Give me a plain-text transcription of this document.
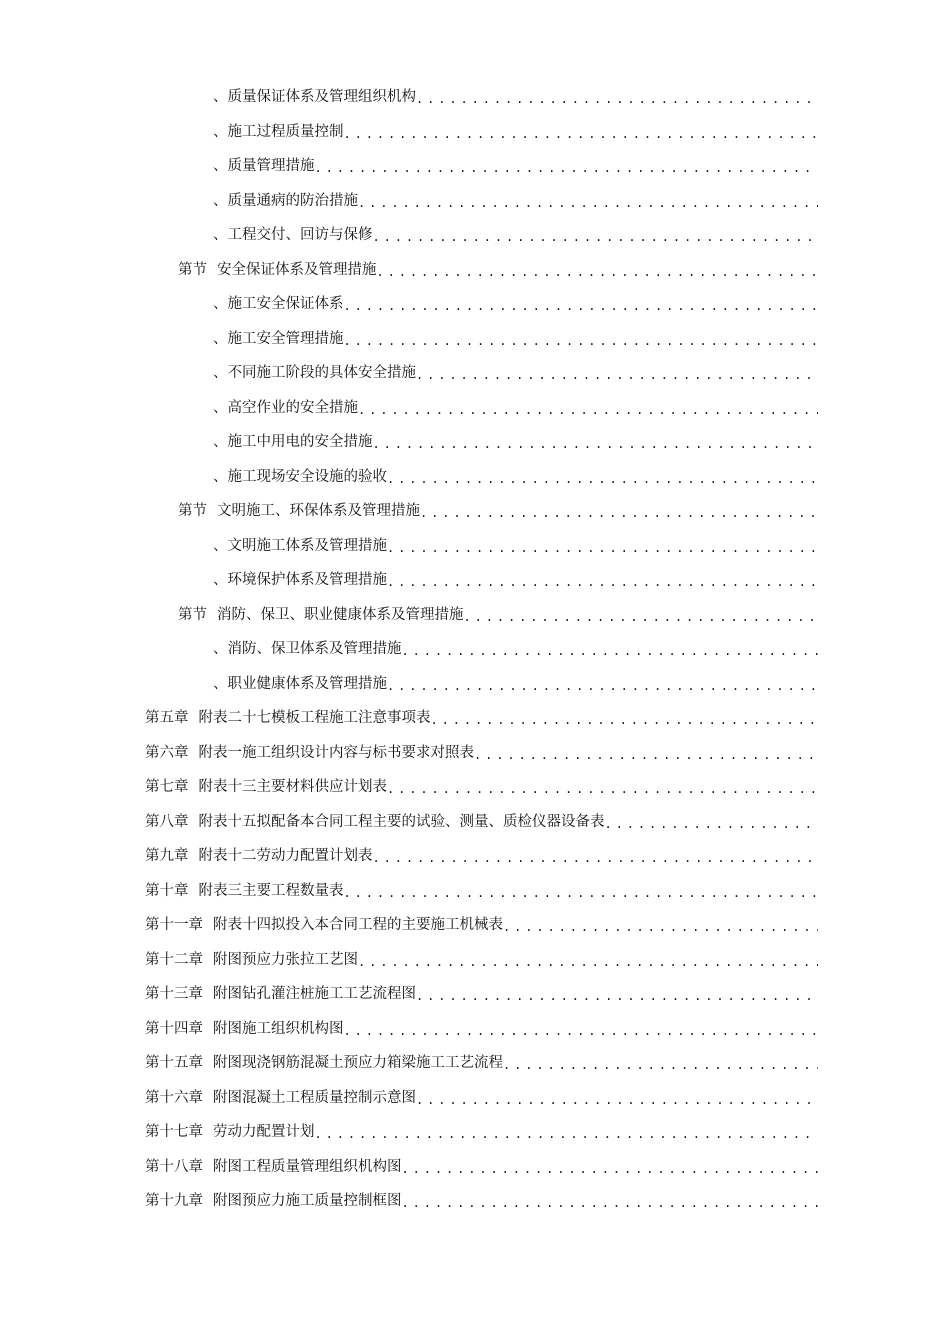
、 质量保证体系及管理组织机构
.....
、 施工过程质量控制
.....
、 质量管理措施
.....
、 质量通病的防治措施
.....
、 工程交付、回访与保修
.....
第节 安全保证体系及管理措施
.....
、 施工安全保证体系
.....
、 施工安全管理措施
.....
、 不同施工阶段的具体安全措施
.....
、 高空作业的安全措施
.....
、 施工中用电的安全措施
.....
、 施工现场安全设施的验收
.....
第节 文明施工、环保体系及管理措施
.....
、 文明施工体系及管理措施
.....
、 环境保护体系及管理措施
.....
第节 消防、保卫、职业健康体系及管理措施
.....
、 消防、保卫体系及管理措施
.....
、 职业健康体系及管理措施
.....
第五章 附表二十七模板工程施工注意事项表
.....
第六章 附表一施工组织设计内容与标书要求对照表
.....
第七章 附表十三主要材料供应计划表
.....
第八章 附表十五拟配备本合同工程主要的试验、测量、质检仪器设备表
.....
第九章 附表十二劳动力配置计划表
.....
第十章 附表三主要工程数量表
.....
第十一章 附表十四拟投入本合同工程的主要施工机械表
.....
第十二章 附图预应力张拉工艺图
.....
第十三章 附图钻孔灌注桩施工工艺流程图
.....
第十四章 附图施工组织机构图
.....
第十五章 附图现浇钢筋混凝土预应力箱梁施工工艺流程
.....
第十六章 附图混凝土工程质量控制示意图
.....
第十七章 劳动力配置计划
.....
第十八章 附图工程质量管理组织机构图
.....
第十九章 附图预应力施工质量控制框图
.....
